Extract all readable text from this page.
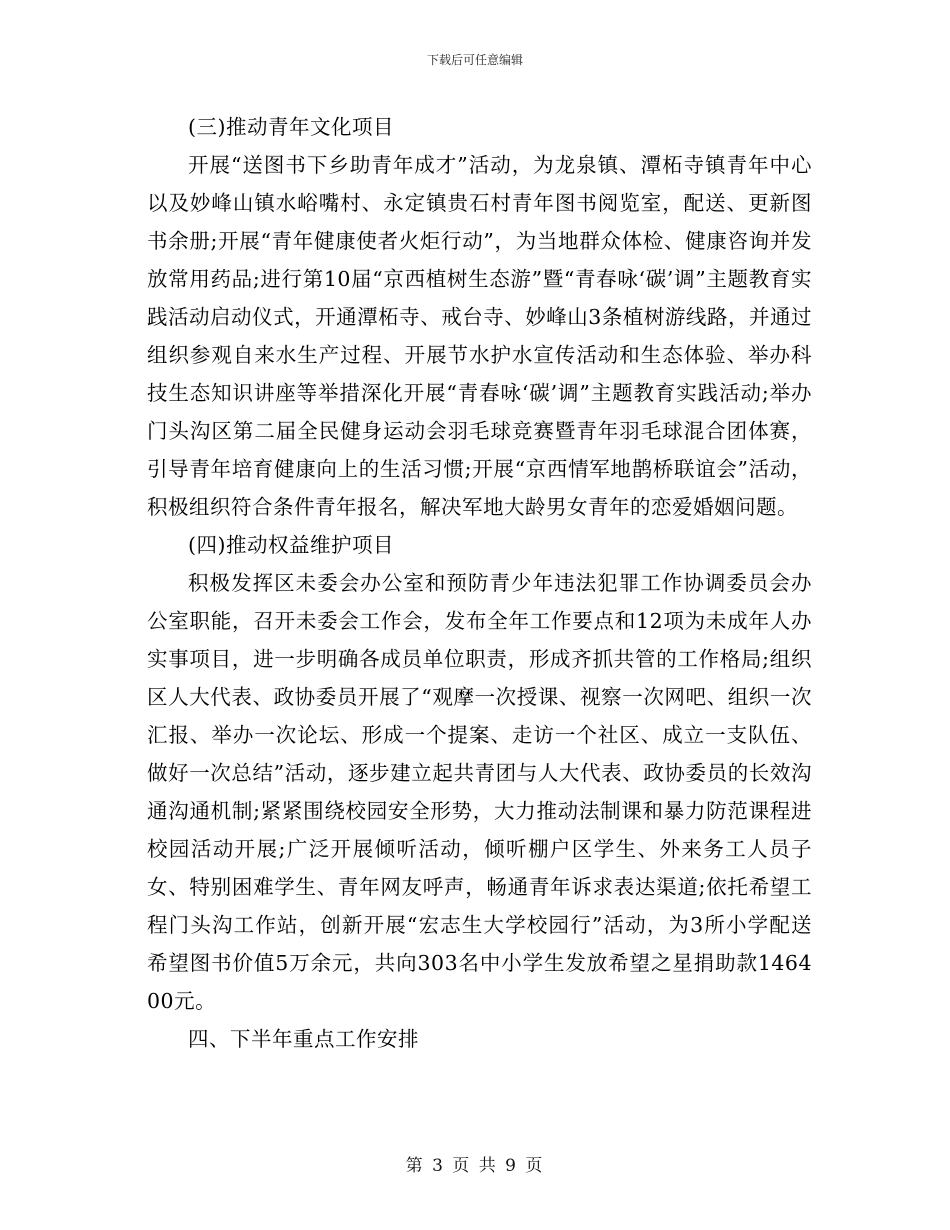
下载后可任意编辑

(三)推动青年文化项目

开展“送图书下乡助青年成才”活动，为龙泉镇、潭柘寺镇青年中心以及妙峰山镇水峪嘴村、永定镇贵石村青年图书阅览室，配送、更新图书余册;开展“青年健康使者火炬行动”，为当地群众体检、健康咨询并发放常用药品;进行第10届“京西植树生态游”暨“青春咏‘碳’调”主题教育实践活动启动仪式，开通潭柘寺、戒台寺、妙峰山3条植树游线路，并通过组织参观自来水生产过程、开展节水护水宣传活动和生态体验、举办科技生态知识讲座等举措深化开展“青春咏‘碳’调”主题教育实践活动;举办门头沟区第二届全民健身运动会羽毛球竞赛暨青年羽毛球混合团体赛，引导青年培育健康向上的生活习惯;开展“京西情军地鹊桥联谊会”活动，积极组织符合条件青年报名，解决军地大龄男女青年的恋爱婚姻问题。

(四)推动权益维护项目

积极发挥区未委会办公室和预防青少年违法犯罪工作协调委员会办公室职能，召开未委会工作会，发布全年工作要点和12项为未成年人办实事项目，进一步明确各成员单位职责，形成齐抓共管的工作格局;组织区人大代表、政协委员开展了“观摩一次授课、视察一次网吧、组织一次汇报、举办一次论坛、形成一个提案、走访一个社区、成立一支队伍、做好一次总结”活动，逐步建立起共青团与人大代表、政协委员的长效沟通沟通机制;紧紧围绕校园安全形势，大力推动法制课和暴力防范课程进校园活动开展;广泛开展倾听活动，倾听棚户区学生、外来务工人员子女、特别困难学生、青年网友呼声，畅通青年诉求表达渠道;依托希望工程门头沟工作站，创新开展“宏志生大学校园行”活动，为3所小学配送希望图书价值5万余元，共向303名中小学生发放希望之星捐助款146400元。

四、下半年重点工作安排

第 3 页 共 9 页
